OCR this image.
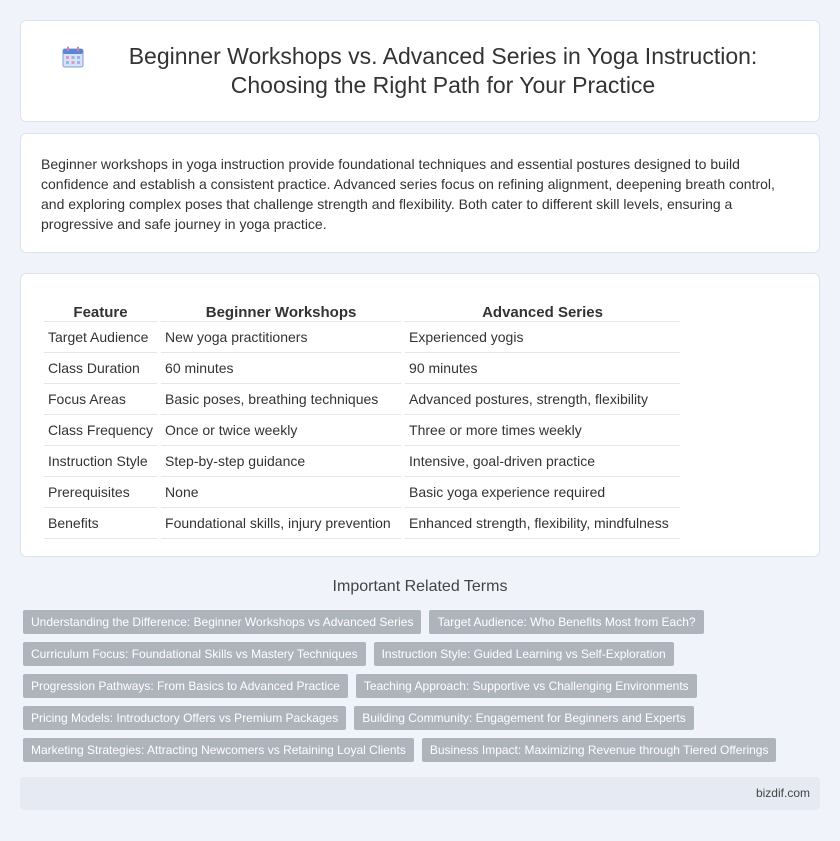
Beginner Workshops vs. Advanced Series in Yoga Instruction: Choosing the Right Path for Your Practice

Beginner workshops in yoga instruction provide foundational techniques and essential postures designed to build confidence and establish a consistent practice. Advanced series focus on refining alignment, deepening breath control, and exploring complex poses that challenge strength and flexibility. Both cater to different skill levels, ensuring a progressive and safe journey in yoga practice.

Feature	Beginner Workshops	Advanced Series
Target Audience	New yoga practitioners	Experienced yogis
Class Duration	60 minutes	90 minutes
Focus Areas	Basic poses, breathing techniques	Advanced postures, strength, flexibility
Class Frequency	Once or twice weekly	Three or more times weekly
Instruction Style	Step-by-step guidance	Intensive, goal-driven practice
Prerequisites	None	Basic yoga experience required
Benefits	Foundational skills, injury prevention	Enhanced strength, flexibility, mindfulness
Important Related Terms
Understanding the Difference: Beginner Workshops vs Advanced Series	Target Audience: Who Benefits Most from Each?
Curriculum Focus: Foundational Skills vs Mastery Techniques	Instruction Style: Guided Learning vs Self-Exploration
Progression Pathways: From Basics to Advanced Practice	Teaching Approach: Supportive vs Challenging Environments
Pricing Models: Introductory Offers vs Premium Packages	Building Community: Engagement for Beginners and Experts
Marketing Strategies: Attracting Newcomers vs Retaining Loyal Clients	Business Impact: Maximizing Revenue through Tiered Offerings
bizdif.com
